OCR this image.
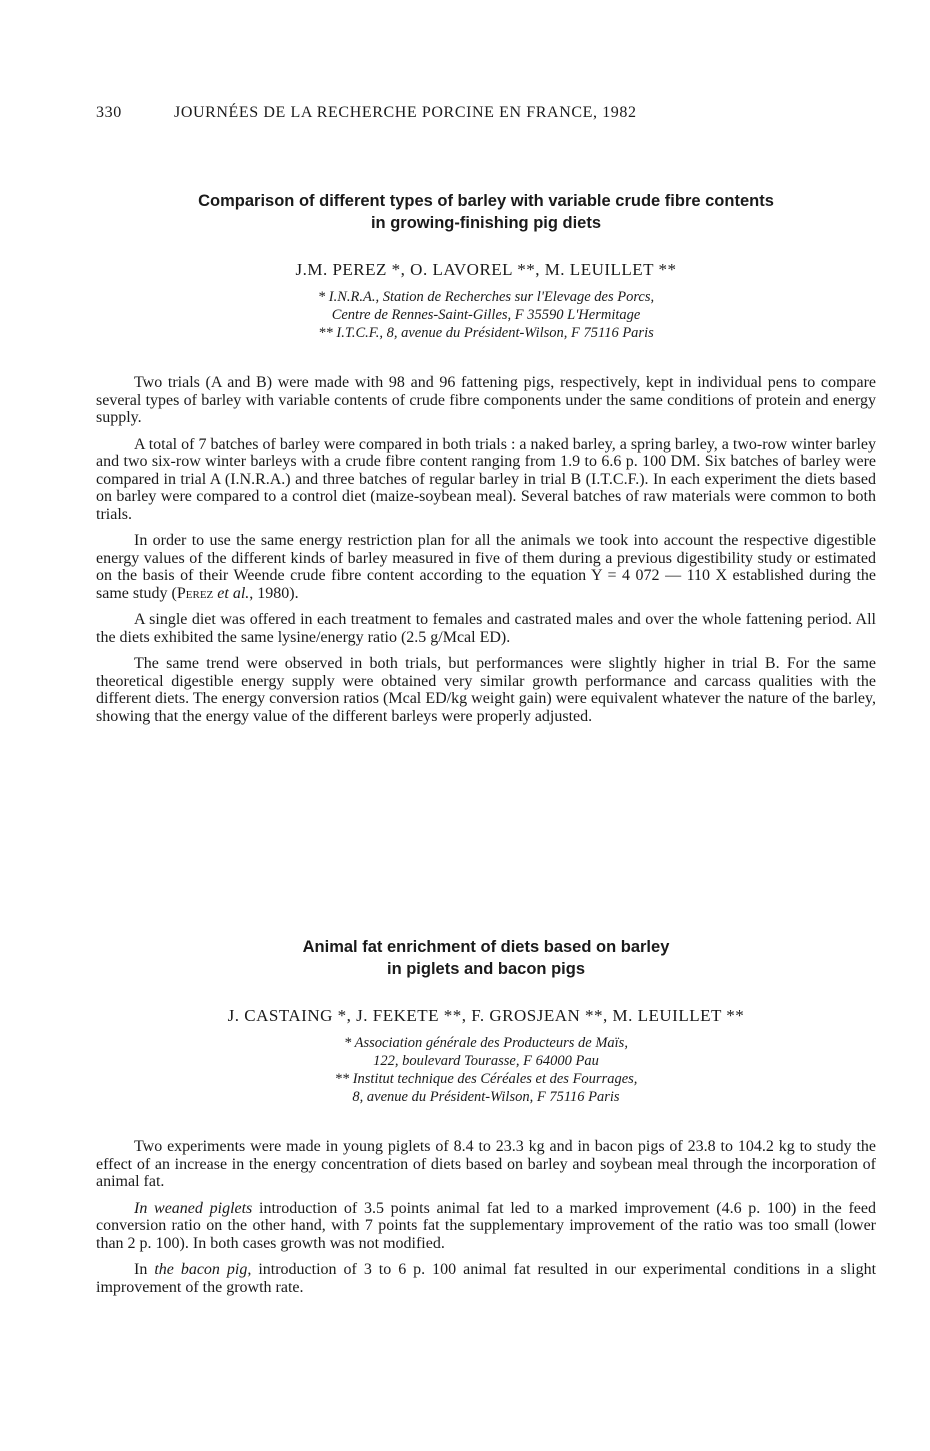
330	JOURNÉES DE LA RECHERCHE PORCINE EN FRANCE, 1982
Comparison of different types of barley with variable crude fibre contents
in growing-finishing pig diets

J.M. PEREZ *, O. LAVOREL **, M. LEUILLET **

* I.N.R.A., Station de Recherches sur l'Elevage des Porcs,
Centre de Rennes-Saint-Gilles, F 35590 L'Hermitage
** I.T.C.F., 8, avenue du Président-Wilson, F 75116 Paris

Two trials (A and B) were made with 98 and 96 fattening pigs, respectively, kept in individual pens to compare several types of barley with variable contents of crude fibre components under the same conditions of protein and energy supply.

A total of 7 batches of barley were compared in both trials : a naked barley, a spring barley, a two-row winter barley and two six-row winter barleys with a crude fibre content ranging from 1.9 to 6.6 p. 100 DM. Six batches of barley were compared in trial A (I.N.R.A.) and three batches of regular barley in trial B (I.T.C.F.). In each experiment the diets based on barley were compared to a control diet (maize-soybean meal). Several batches of raw materials were common to both trials.

In order to use the same energy restriction plan for all the animals we took into account the respective digestible energy values of the different kinds of barley measured in five of them during a previous digestibility study or estimated on the basis of their Weende crude fibre content according to the equation Y = 4 072 — 110 X established during the same study (Perez et al., 1980).

A single diet was offered in each treatment to females and castrated males and over the whole fattening period. All the diets exhibited the same lysine/energy ratio (2.5 g/Mcal ED).

The same trend were observed in both trials, but performances were slightly higher in trial B. For the same theoretical digestible energy supply were obtained very similar growth performance and carcass qualities with the different diets. The energy conversion ratios (Mcal ED/kg weight gain) were equivalent whatever the nature of the barley, showing that the energy value of the different barleys were properly adjusted.

Animal fat enrichment of diets based on barley
in piglets and bacon pigs

J. CASTAING *, J. FEKETE **, F. GROSJEAN **, M. LEUILLET **

* Association générale des Producteurs de Maïs,
122, boulevard Tourasse, F 64000 Pau
** Institut technique des Céréales et des Fourrages,
8, avenue du Président-Wilson, F 75116 Paris

Two experiments were made in young piglets of 8.4 to 23.3 kg and in bacon pigs of 23.8 to 104.2 kg to study the effect of an increase in the energy concentration of diets based on barley and soybean meal through the incorporation of animal fat.

In weaned piglets introduction of 3.5 points animal fat led to a marked improvement (4.6 p. 100) in the feed conversion ratio on the other hand, with 7 points fat the supplementary improvement of the ratio was too small (lower than 2 p. 100). In both cases growth was not modified.

In the bacon pig, introduction of 3 to 6 p. 100 animal fat resulted in our experimental conditions in a slight improvement of the growth rate.
